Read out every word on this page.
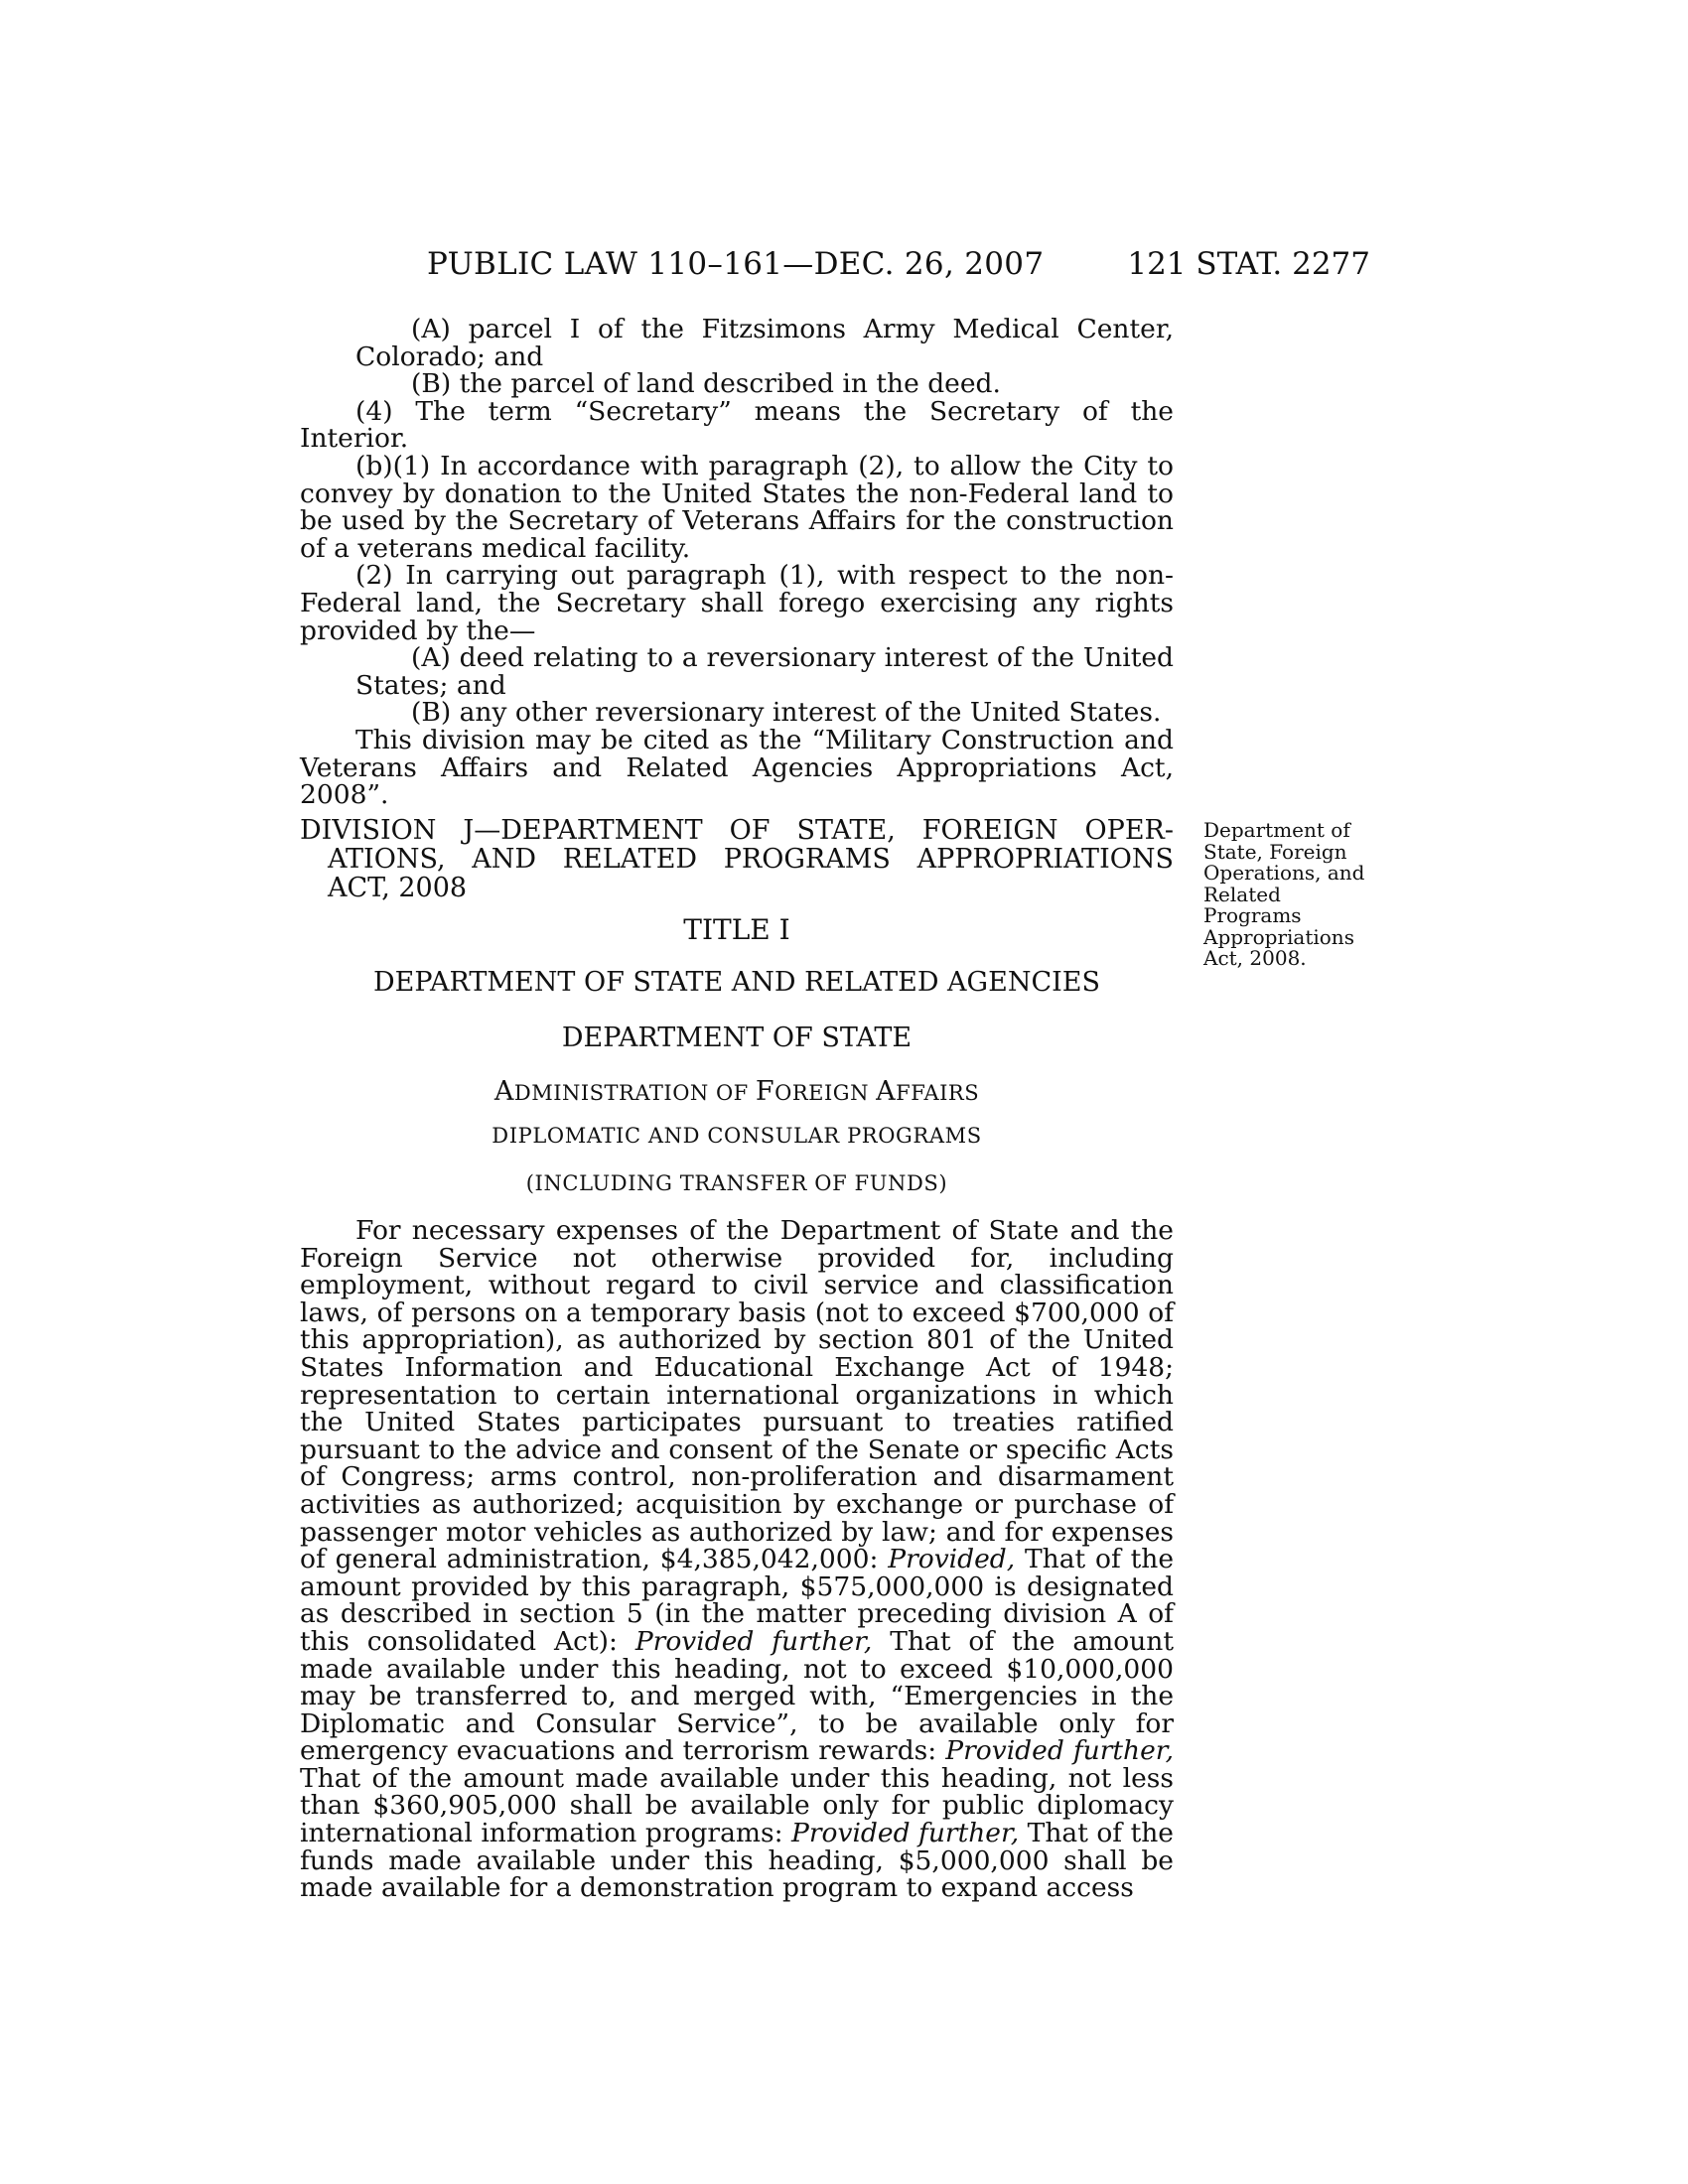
PUBLIC LAW 110–161—DEC. 26, 2007	121 STAT. 2277

(A) parcel I of the Fitzsimons Army Medical Center, Colorado; and

(B) the parcel of land described in the deed.

(4) The term “Secretary” means the Secretary of the Interior.

(b)(1) In accordance with paragraph (2), to allow the City to convey by donation to the United States the non-Federal land to be used by the Secretary of Veterans Affairs for the construction of a veterans medical facility.

(2) In carrying out paragraph (1), with respect to the non-Federal land, the Secretary shall forego exercising any rights provided by the—

(A) deed relating to a reversionary interest of the United States; and

(B) any other reversionary interest of the United States.

This division may be cited as the “Military Construction and Veterans Affairs and Related Agencies Appropriations Act, 2008”.

DIVISION J—DEPARTMENT OF STATE, FOREIGN OPER-
ATIONS, AND RELATED PROGRAMS APPROPRIATIONS
ACT, 2008
Department of State, Foreign Operations, and Related Programs Appropriations Act, 2008.
TITLE I
DEPARTMENT OF STATE AND RELATED AGENCIES
DEPARTMENT OF STATE
ADMINISTRATION OF FOREIGN AFFAIRS
DIPLOMATIC AND CONSULAR PROGRAMS
(INCLUDING TRANSFER OF FUNDS)

For necessary expenses of the Department of State and the Foreign Service not otherwise provided for, including employment, without regard to civil service and classification laws, of persons on a temporary basis (not to exceed $700,000 of this appropriation), as authorized by section 801 of the United States Information and Educational Exchange Act of 1948; representation to certain international organizations in which the United States participates pursuant to treaties ratified pursuant to the advice and consent of the Senate or specific Acts of Congress; arms control, non-proliferation and disarmament activities as authorized; acquisition by exchange or purchase of passenger motor vehicles as authorized by law; and for expenses of general administration, $4,385,042,000: Provided, That of the amount provided by this paragraph, $575,000,000 is designated as described in section 5 (in the matter preceding division A of this consolidated Act): Provided further, That of the amount made available under this heading, not to exceed $10,000,000 may be transferred to, and merged with, “Emergencies in the Diplomatic and Consular Service”, to be available only for emergency evacuations and terrorism rewards: Provided further, That of the amount made available under this heading, not less than $360,905,000 shall be available only for public diplomacy international information programs: Provided further, That of the funds made available under this heading, $5,000,000 shall be made available for a demonstration program to expand access
